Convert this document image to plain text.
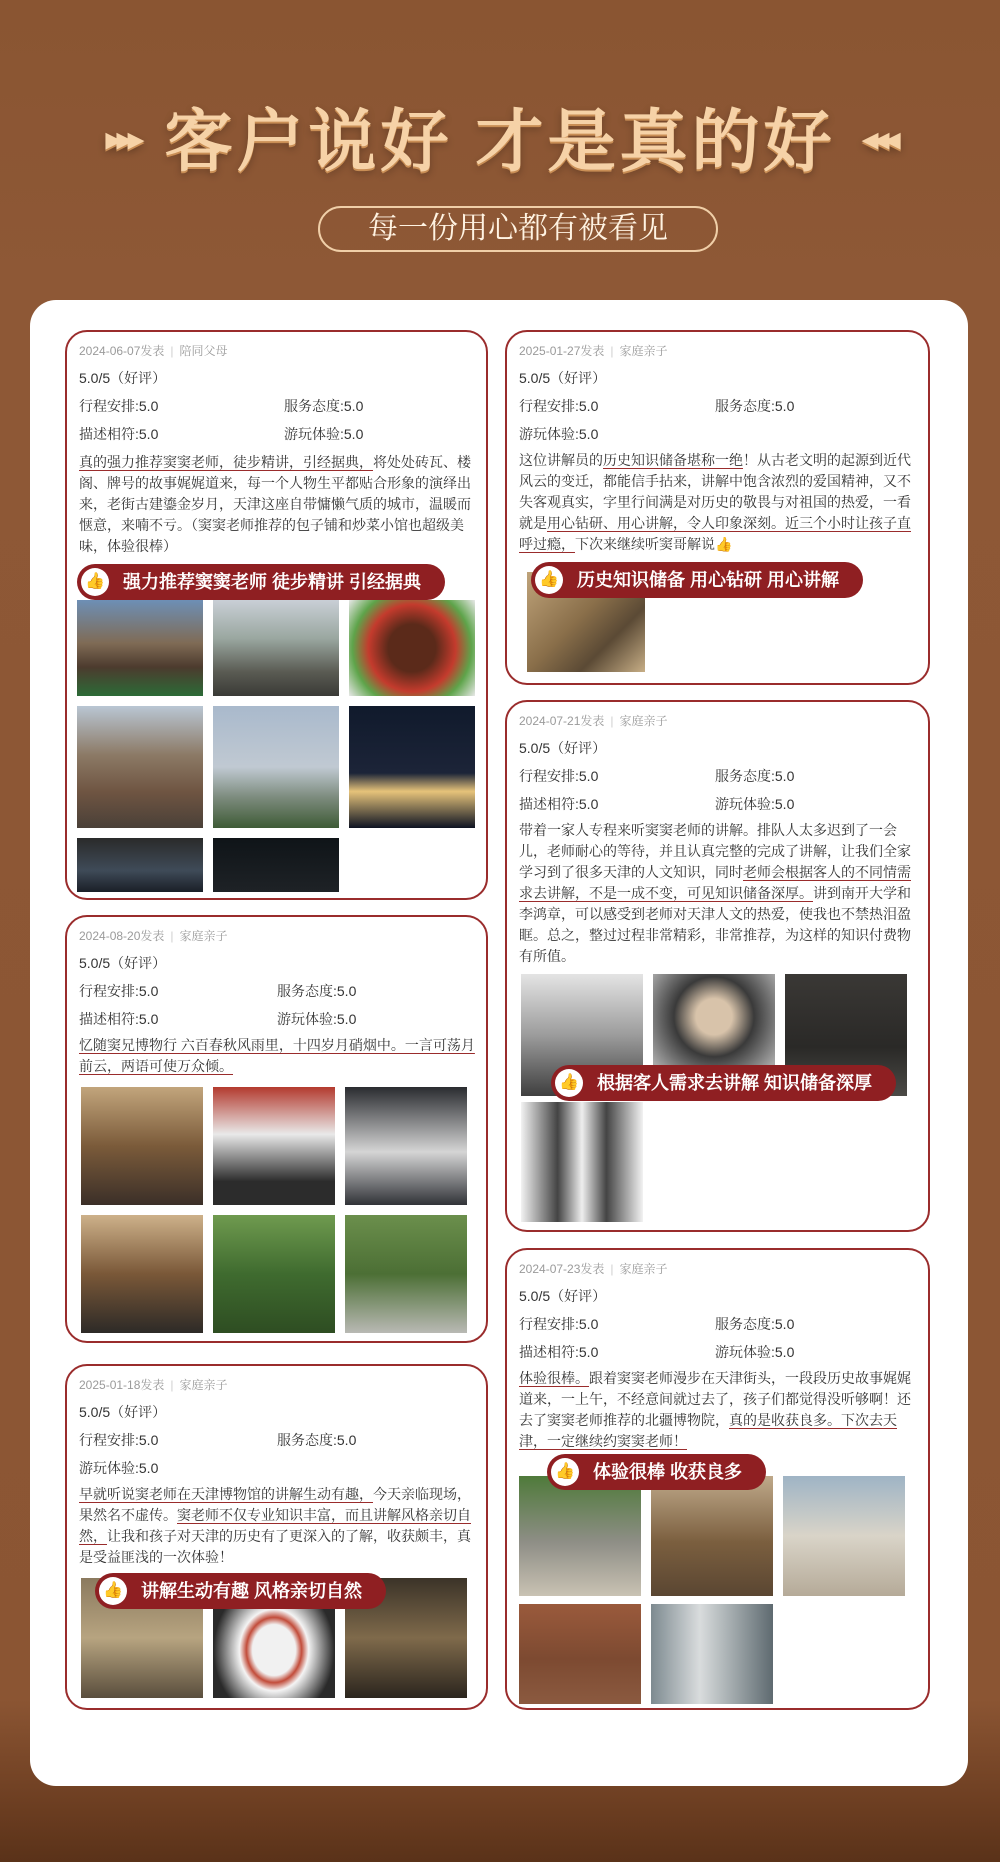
▸▸▸ 客户说好 才是真的好 ◂◂◂
每一份用心都有被看见
2024-06-07发表 | 陪同父母
5.0/5（好评）
行程安排:5.0	服务态度:5.0
描述相符:5.0	游玩体验:5.0
真的强力推荐窦窦老师，徒步精讲，引经据典，将处处砖瓦、楼阁、牌号的故事娓娓道来，每一个人物生平都贴合形象的演绎出来，老街古建鎏金岁月，天津这座自带慵懒气质的城市，温暖而惬意，来喃不亏。（窦窦老师推荐的包子铺和炒菜小馆也超级美味，体验很棒）
👍 强力推荐窦窦老师 徒步精讲 引经据典
2025-01-27发表 | 家庭亲子
5.0/5（好评）
行程安排:5.0	服务态度:5.0
游玩体验:5.0
这位讲解员的历史知识储备堪称一绝！从古老文明的起源到近代风云的变迁，都能信手拈来，讲解中饱含浓烈的爱国精神，又不失客观真实，字里行间满是对历史的敬畏与对祖国的热爱，一看就是用心钻研、用心讲解，令人印象深刻。近三个小时让孩子直呼过瘾，下次来继续听窦哥解说👍
👍 历史知识储备 用心钻研 用心讲解
2024-07-21发表 | 家庭亲子
5.0/5（好评）
行程安排:5.0	服务态度:5.0
描述相符:5.0	游玩体验:5.0
带着一家人专程来听窦窦老师的讲解。排队人太多迟到了一会儿，老师耐心的等待，并且认真完整的完成了讲解，让我们全家学习到了很多天津的人文知识，同时老师会根据客人的不同情需求去讲解，不是一成不变，可见知识储备深厚。讲到南开大学和李鸿章，可以感受到老师对天津人文的热爱，使我也不禁热泪盈眶。总之，整过过程非常精彩，非常推荐，为这样的知识付费物有所值。
👍 根据客人需求去讲解 知识储备深厚
2024-08-20发表 | 家庭亲子
5.0/5（好评）
行程安排:5.0	服务态度:5.0
描述相符:5.0	游玩体验:5.0
忆随窦兄博物行 六百春秋风雨里，十四岁月硝烟中。一言可荡月前云，两语可使万众倾。
2024-07-23发表 | 家庭亲子
5.0/5（好评）
行程安排:5.0	服务态度:5.0
描述相符:5.0	游玩体验:5.0
体验很棒。跟着窦窦老师漫步在天津街头，一段段历史故事娓娓道来，一上午，不经意间就过去了，孩子们都觉得没听够啊！还去了窦窦老师推荐的北疆博物院，真的是收获良多。下次去天津，一定继续约窦窦老师！
👍 体验很棒 收获良多
2025-01-18发表 | 家庭亲子
5.0/5（好评）
行程安排:5.0	服务态度:5.0
游玩体验:5.0
早就听说窦老师在天津博物馆的讲解生动有趣，今天亲临现场，果然名不虚传。窦老师不仅专业知识丰富，而且讲解风格亲切自然，让我和孩子对天津的历史有了更深入的了解，收获颇丰，真是受益匪浅的一次体验！
👍 讲解生动有趣 风格亲切自然
